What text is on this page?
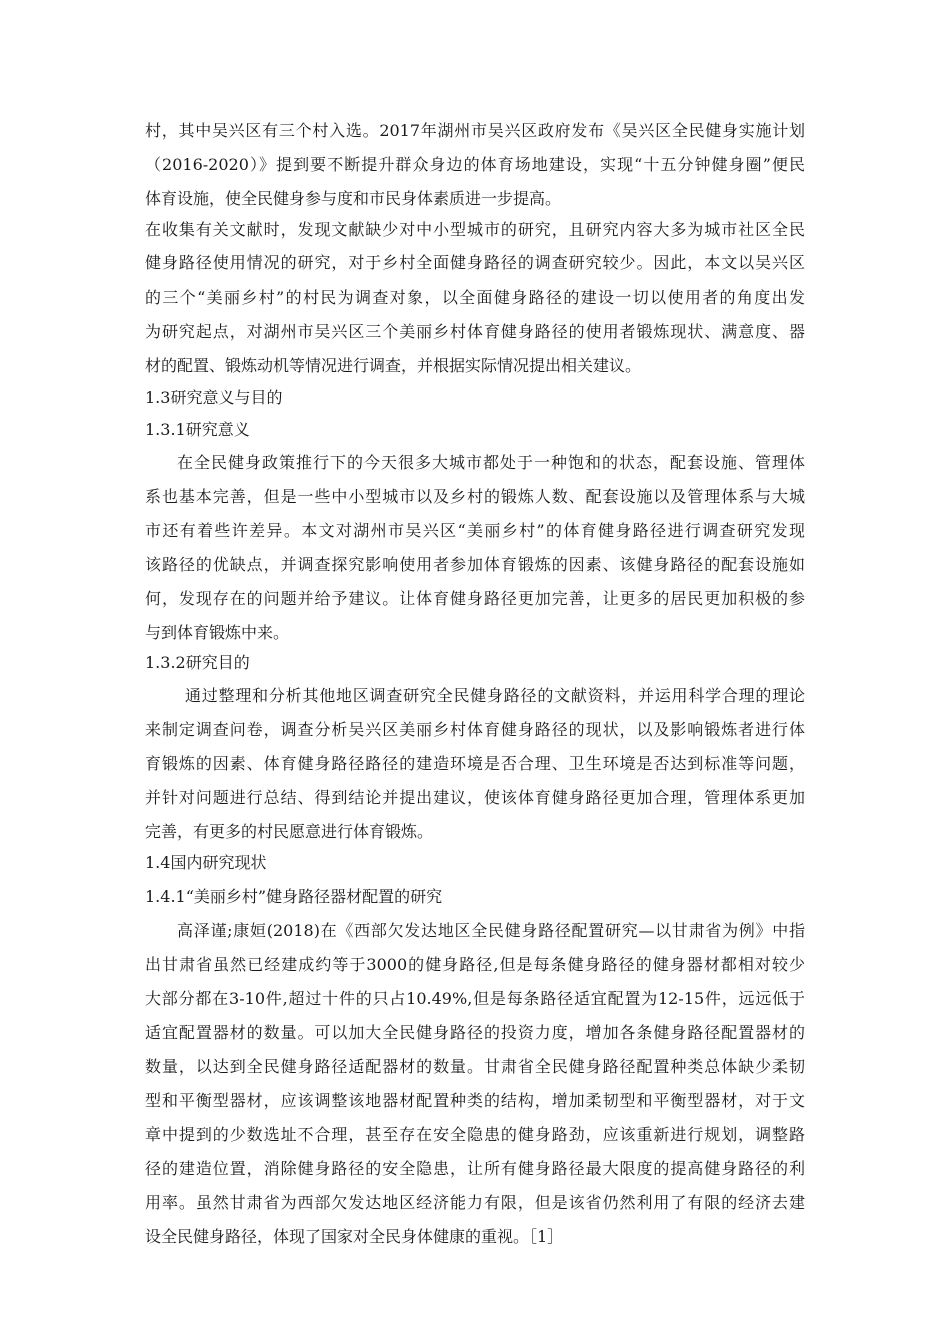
村，其中吴兴区有三个村入选。2017年湖州市吴兴区政府发布《吴兴区全民健身实施计划
（2016-2020）》提到要不断提升群众身边的体育场地建设，实现“十五分钟健身圈”便民
体育设施，使全民健身参与度和市民身体素质进一步提高。
在收集有关文献时，发现文献缺少对中小型城市的研究，且研究内容大多为城市社区全民
健身路径使用情况的研究，对于乡村全面健身路径的调查研究较少。因此，本文以吴兴区
的三个“美丽乡村”的村民为调查对象，以全面健身路径的建设一切以使用者的角度出发
为研究起点，对湖州市吴兴区三个美丽乡村体育健身路径的使用者锻炼现状、满意度、器
材的配置、锻炼动机等情况进行调查，并根据实际情况提出相关建议。
1.3研究意义与目的
1.3.1研究意义
在全民健身政策推行下的今天很多大城市都处于一种饱和的状态，配套设施、管理体
系也基本完善，但是一些中小型城市以及乡村的锻炼人数、配套设施以及管理体系与大城
市还有着些许差异。本文对湖州市吴兴区“美丽乡村”的体育健身路径进行调查研究发现
该路径的优缺点，并调查探究影响使用者参加体育锻炼的因素、该健身路径的配套设施如
何，发现存在的问题并给予建议。让体育健身路径更加完善，让更多的居民更加积极的参
与到体育锻炼中来。
1.3.2研究目的
通过整理和分析其他地区调查研究全民健身路径的文献资料，并运用科学合理的理论
来制定调查问卷，调查分析吴兴区美丽乡村体育健身路径的现状，以及影响锻炼者进行体
育锻炼的因素、体育健身路径路径的建造环境是否合理、卫生环境是否达到标准等问题，
并针对问题进行总结、得到结论并提出建议，使该体育健身路径更加合理，管理体系更加
完善，有更多的村民愿意进行体育锻炼。
1.4国内研究现状
1.4.1“美丽乡村”健身路径器材配置的研究
高泽谨;康姮(2018)在《西部欠发达地区全民健身路径配置研究—以甘肃省为例》中指
出甘肃省虽然已经建成约等于3000的健身路径,但是每条健身路径的健身器材都相对较少
大部分都在3-10件,超过十件的只占10.49%,但是每条路径适宜配置为12-15件，远远低于
适宜配置器材的数量。可以加大全民健身路径的投资力度，增加各条健身路径配置器材的
数量，以达到全民健身路径适配器材的数量。甘肃省全民健身路径配置种类总体缺少柔韧
型和平衡型器材，应该调整该地器材配置种类的结构，增加柔韧型和平衡型器材，对于文
章中提到的少数选址不合理，甚至存在安全隐患的健身路劲，应该重新进行规划，调整路
径的建造位置，消除健身路径的安全隐患，让所有健身路径最大限度的提高健身路径的利
用率。虽然甘肃省为西部欠发达地区经济能力有限，但是该省仍然利用了有限的经济去建
设全民健身路径，体现了国家对全民身体健康的重视。［1］
